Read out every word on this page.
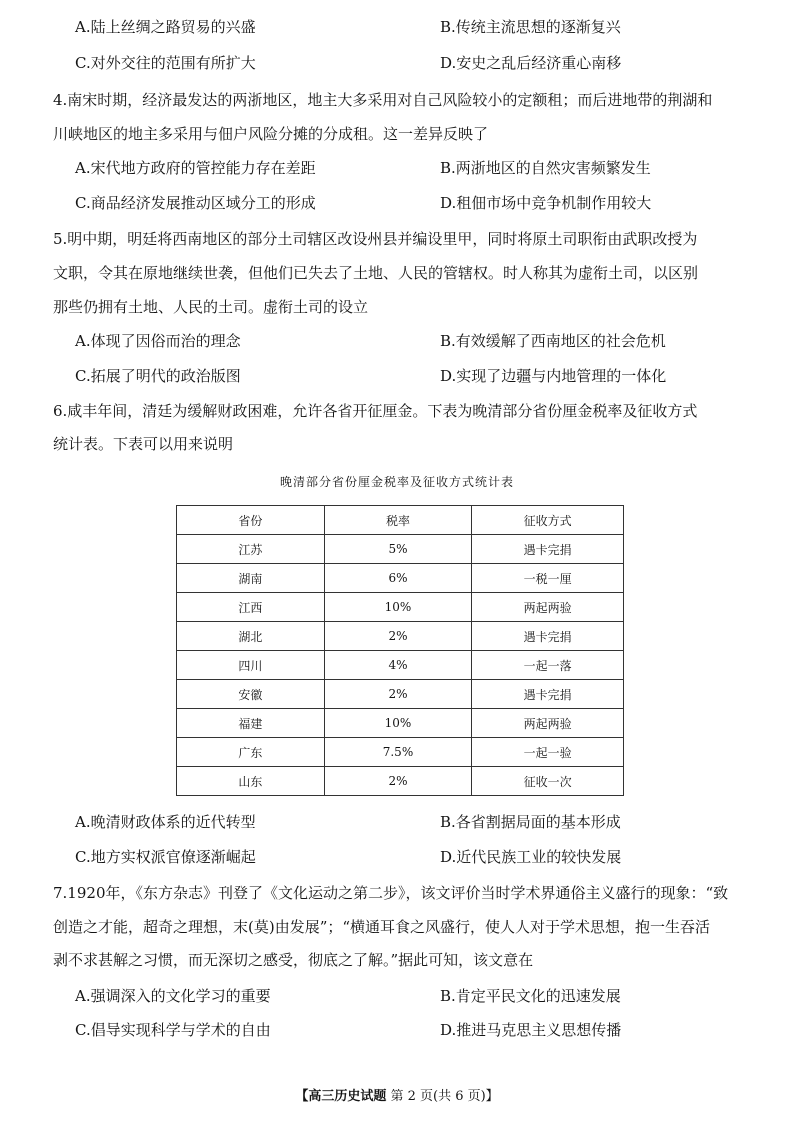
A.陆上丝绸之路贸易的兴盛	B.传统主流思想的逐渐复兴
C.对外交往的范围有所扩大	D.安史之乱后经济重心南移
4.南宋时期，经济最发达的两浙地区，地主大多采用对自己风险较小的定额租；而后进地带的荆湖和
川峡地区的地主多采用与佃户风险分摊的分成租。这一差异反映了
A.宋代地方政府的管控能力存在差距	B.两浙地区的自然灾害频繁发生
C.商品经济发展推动区域分工的形成	D.租佃市场中竞争机制作用较大
5.明中期，明廷将西南地区的部分土司辖区改设州县并编设里甲，同时将原土司职衔由武职改授为
文职，令其在原地继续世袭，但他们已失去了土地、人民的管辖权。时人称其为虚衔土司，以区别
那些仍拥有土地、人民的土司。虚衔土司的设立
A.体现了因俗而治的理念	B.有效缓解了西南地区的社会危机
C.拓展了明代的政治版图	D.实现了边疆与内地管理的一体化
6.咸丰年间，清廷为缓解财政困难，允许各省开征厘金。下表为晚清部分省份厘金税率及征收方式
统计表。下表可以用来说明
晚清部分省份厘金税率及征收方式统计表
省份	税率	征收方式
江苏	5%	遇卡完捐
湖南	6%	一税一厘
江西	10%	两起两验
湖北	2%	遇卡完捐
四川	4%	一起一落
安徽	2%	遇卡完捐
福建	10%	两起两验
广东	7.5%	一起一验
山东	2%	征收一次
A.晚清财政体系的近代转型	B.各省割据局面的基本形成
C.地方实权派官僚逐渐崛起	D.近代民族工业的较快发展
7.1920年，《东方杂志》刊登了《文化运动之第二步》，该文评价当时学术界通俗主义盛行的现象：“致
创造之才能，超奇之理想，末(莫)由发展”；“横通耳食之风盛行，使人人对于学术思想，抱一生吞活
剥不求甚解之习惯，而无深切之感受，彻底之了解。”据此可知，该文意在
A.强调深入的文化学习的重要	B.肯定平民文化的迅速发展
C.倡导实现科学与学术的自由	D.推进马克思主义思想传播
【高三历史试题 第 2 页(共 6 页)】
